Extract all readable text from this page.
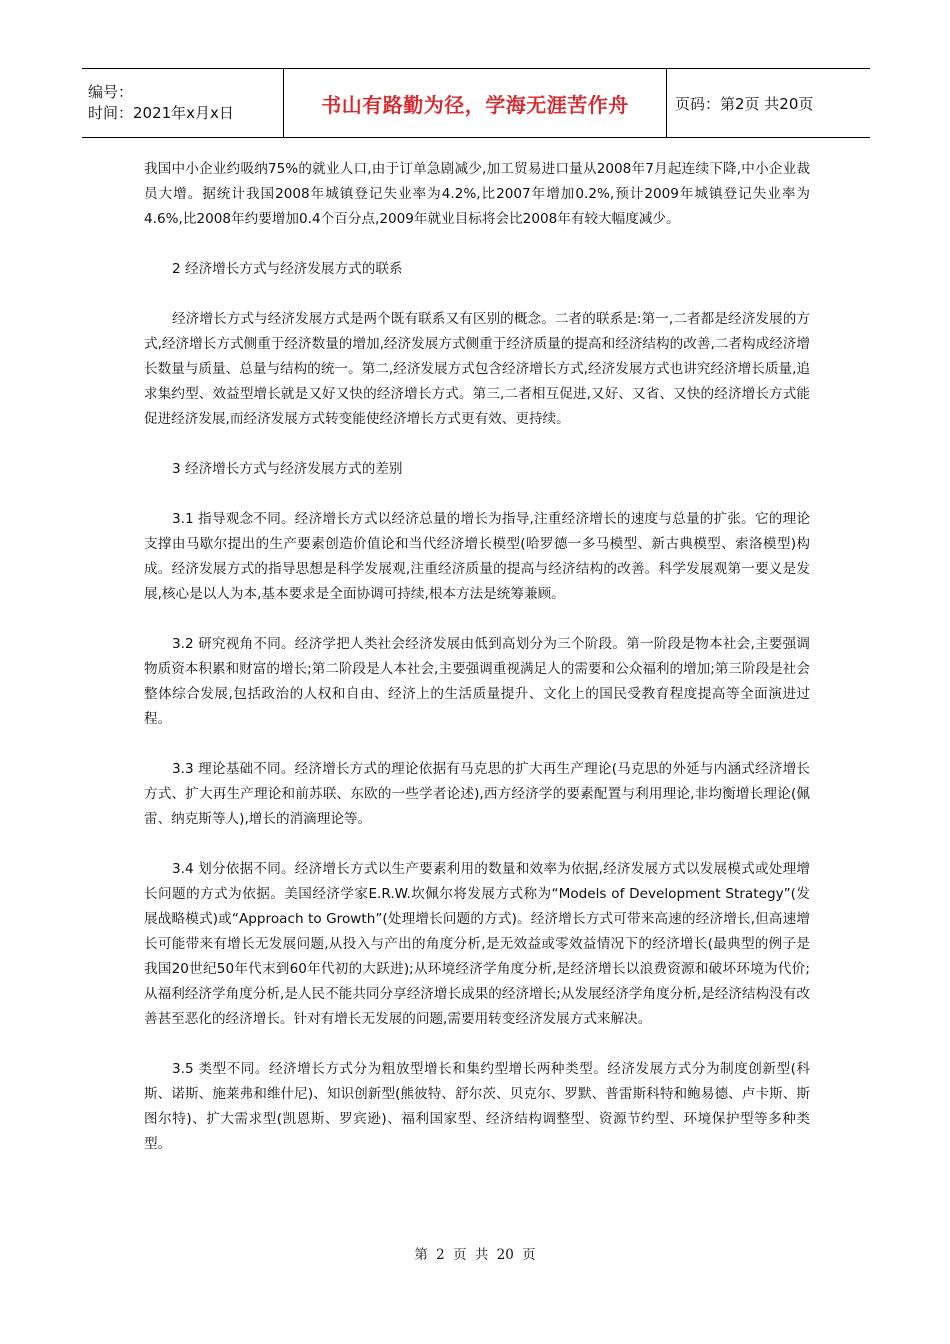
编号：
时间：2021年x月x日	书山有路勤为径，学海无涯苦作舟	页码：第2页 共20页

我国中小企业约吸纳75%的就业人口,由于订单急剧减少,加工贸易进口量从2008年7月起连续下降,中小企业裁员大增。据统计我国2008年城镇登记失业率为4.2%,比2007年增加0.2%,预计2009年城镇登记失业率为4.6%,比2008年约要增加0.4个百分点,2009年就业目标将会比2008年有较大幅度减少。

2 经济增长方式与经济发展方式的联系

经济增长方式与经济发展方式是两个既有联系又有区别的概念。二者的联系是:第一,二者都是经济发展的方式,经济增长方式侧重于经济数量的增加,经济发展方式侧重于经济质量的提高和经济结构的改善,二者构成经济增长数量与质量、总量与结构的统一。第二,经济发展方式包含经济增长方式,经济发展方式也讲究经济增长质量,追求集约型、效益型增长就是又好又快的经济增长方式。第三,二者相互促进,又好、又省、又快的经济增长方式能促进经济发展,而经济发展方式转变能使经济增长方式更有效、更持续。

3 经济增长方式与经济发展方式的差别

3.1 指导观念不同。经济增长方式以经济总量的增长为指导,注重经济增长的速度与总量的扩张。它的理论支撑由马歇尔提出的生产要素创造价值论和当代经济增长模型(哈罗德一多马模型、新古典模型、索洛模型)构成。经济发展方式的指导思想是科学发展观,注重经济质量的提高与经济结构的改善。科学发展观第一要义是发展,核心是以人为本,基本要求是全面协调可持续,根本方法是统筹兼顾。

3.2 研究视角不同。经济学把人类社会经济发展由低到高划分为三个阶段。第一阶段是物本社会,主要强调物质资本积累和财富的增长;第二阶段是人本社会,主要强调重视满足人的需要和公众福利的增加;第三阶段是社会整体综合发展,包括政治的人权和自由、经济上的生活质量提升、文化上的国民受教育程度提高等全面演进过程。

3.3 理论基础不同。经济增长方式的理论依据有马克思的扩大再生产理论(马克思的外延与内涵式经济增长方式、扩大再生产理论和前苏联、东欧的一些学者论述),西方经济学的要素配置与利用理论,非均衡增长理论(佩雷、纳克斯等人),增长的消滴理论等。

3.4 划分依据不同。经济增长方式以生产要素利用的数量和效率为依据,经济发展方式以发展模式或处理增长问题的方式为依据。美国经济学家E.R.W.坎佩尔将发展方式称为“Models of Development Strategy”(发展战略模式)或“Approach to Growth”(处理增长问题的方式)。经济增长方式可带来高速的经济增长,但高速增长可能带来有增长无发展问题,从投入与产出的角度分析,是无效益或零效益情况下的经济增长(最典型的例子是我国20世纪50年代末到60年代初的大跃进);从环境经济学角度分析,是经济增长以浪费资源和破坏环境为代价;从福利经济学角度分析,是人民不能共同分享经济增长成果的经济增长;从发展经济学角度分析,是经济结构没有改善甚至恶化的经济增长。针对有增长无发展的问题,需要用转变经济发展方式来解决。

3.5 类型不同。经济增长方式分为粗放型增长和集约型增长两种类型。经济发展方式分为制度创新型(科斯、诺斯、施莱弗和维什尼)、知识创新型(熊彼特、舒尔茨、贝克尔、罗默、普雷斯科特和鲍易德、卢卡斯、斯图尔特)、扩大需求型(凯恩斯、罗宾逊)、福利国家型、经济结构调整型、资源节约型、环境保护型等多种类型。

第 2 页 共 20 页
